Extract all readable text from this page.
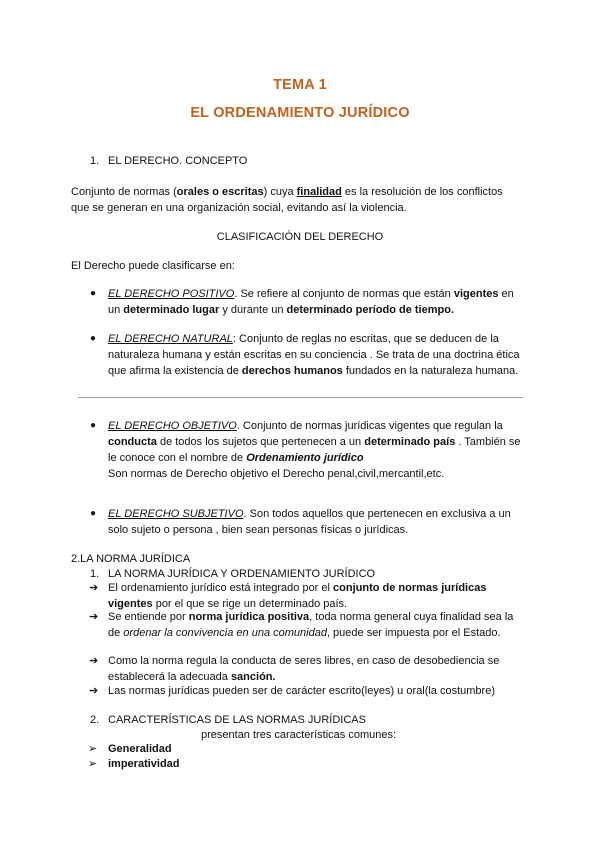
TEMA 1
EL ORDENAMIENTO JURÍDICO
1. EL DERECHO. CONCEPTO
Conjunto de normas (orales o escritas) cuya finalidad es la resolución de los conflictos
que se generan en una organización social, evitando así la violencia.
CLASIFICACIÓN DEL DERECHO
El Derecho puede clasificarse en:
● EL DERECHO POSITIVO. Se refiere al conjunto de normas que están vigentes en
un determinado lugar y durante un determinado período de tiempo.
● EL DERECHO NATURAL: Conjunto de reglas no escritas, que se deducen de la
naturaleza humana y están escritas en su conciencia . Se trata de una doctrina ética
que afirma la existencia de derechos humanos fundados en la naturaleza humana.
● EL DERECHO OBJETIVO. Conjunto de normas jurídicas vigentes que regulan la
conducta de todos los sujetos que pertenecen a un determinado país . También se
le conoce con el nombre de Ordenamiento jurídico
Son normas de Derecho objetivo el Derecho penal,civil,mercantil,etc.
● EL DERECHO SUBJETIVO. Son todos aquellos que pertenecen en exclusiva a un
solo sujeto o persona , bien sean personas físicas o jurídicas.
2.LA NORMA JURÍDICA
1. LA NORMA JURÍDICA Y ORDENAMIENTO JURÍDICO
➔ El ordenamiento jurídico está integrado por el conjunto de normas jurídicas
vigentes por el que se rige un determinado país.
➔ Se entiende por norma jurídica positiva, toda norma general cuya finalidad sea la
de ordenar la convivencia en una comunidad, puede ser impuesta por el Estado.
➔ Como la norma regula la conducta de seres libres, en caso de desobediencia se
establecerá la adecuada sanción.
➔ Las normas jurídicas pueden ser de carácter escrito(leyes) u oral(la costumbre)
2. CARACTERÍSTICAS DE LAS NORMAS JURÍDICAS
presentan tres características comunes:
➢ Generalidad
➢ imperatividad
